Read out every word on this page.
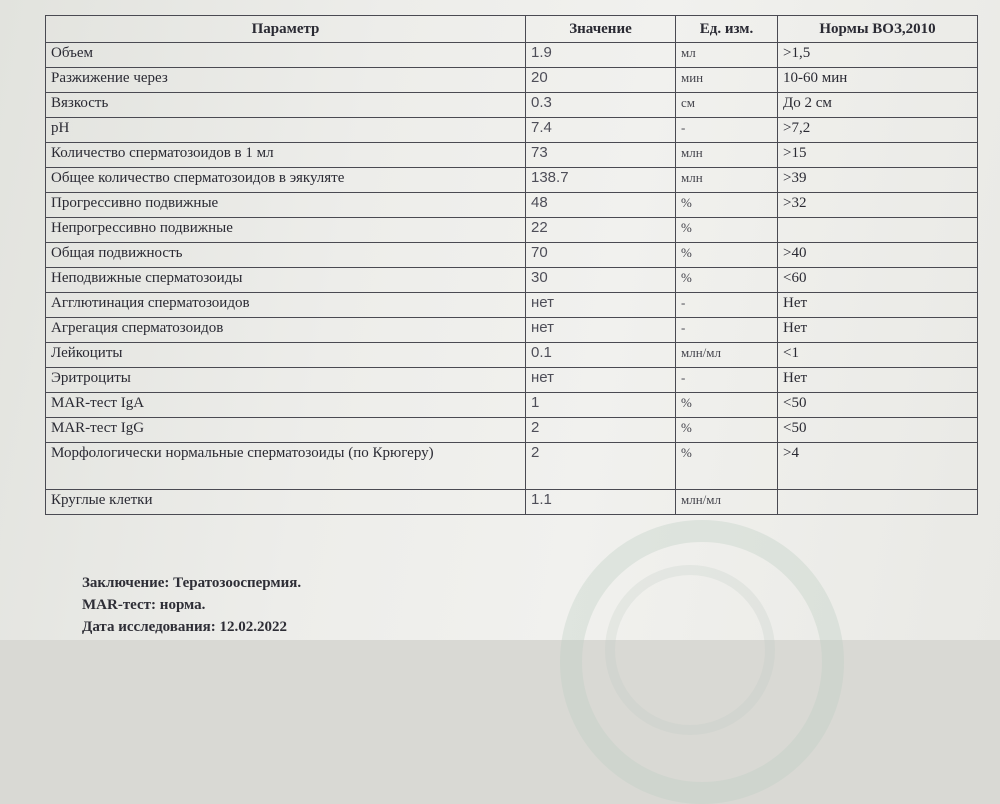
Параметр	Значение	Ед. изм.	Нормы ВОЗ,2010
Объем	1.9	мл	>1,5
Разжижение через	20	мин	10-60 мин
Вязкость	0.3	см	До 2 см
pH	7.4	-	>7,2
Количество сперматозоидов в 1 мл	73	млн	>15
Общее количество сперматозоидов в эякуляте	138.7	млн	>39
Прогрессивно подвижные	48	%	>32
Непрогрессивно подвижные	22	%	
Общая подвижность	70	%	>40
Неподвижные сперматозоиды	30	%	<60
Агглютинация сперматозоидов	нет	-	Нет
Агрегация сперматозоидов	нет	-	Нет
Лейкоциты	0.1	млн/мл	<1
Эритроциты	нет	-	Нет
MAR-тест IgA	1	%	<50
MAR-тест IgG	2	%	<50
Морфологически нормальные сперматозоиды (по Крюгеру)	2	%	>4
Круглые клетки	1.1	млн/мл	
Заключение: Тератозооспермия.
MAR-тест: норма.
Дата исследования: 12.02.2022
